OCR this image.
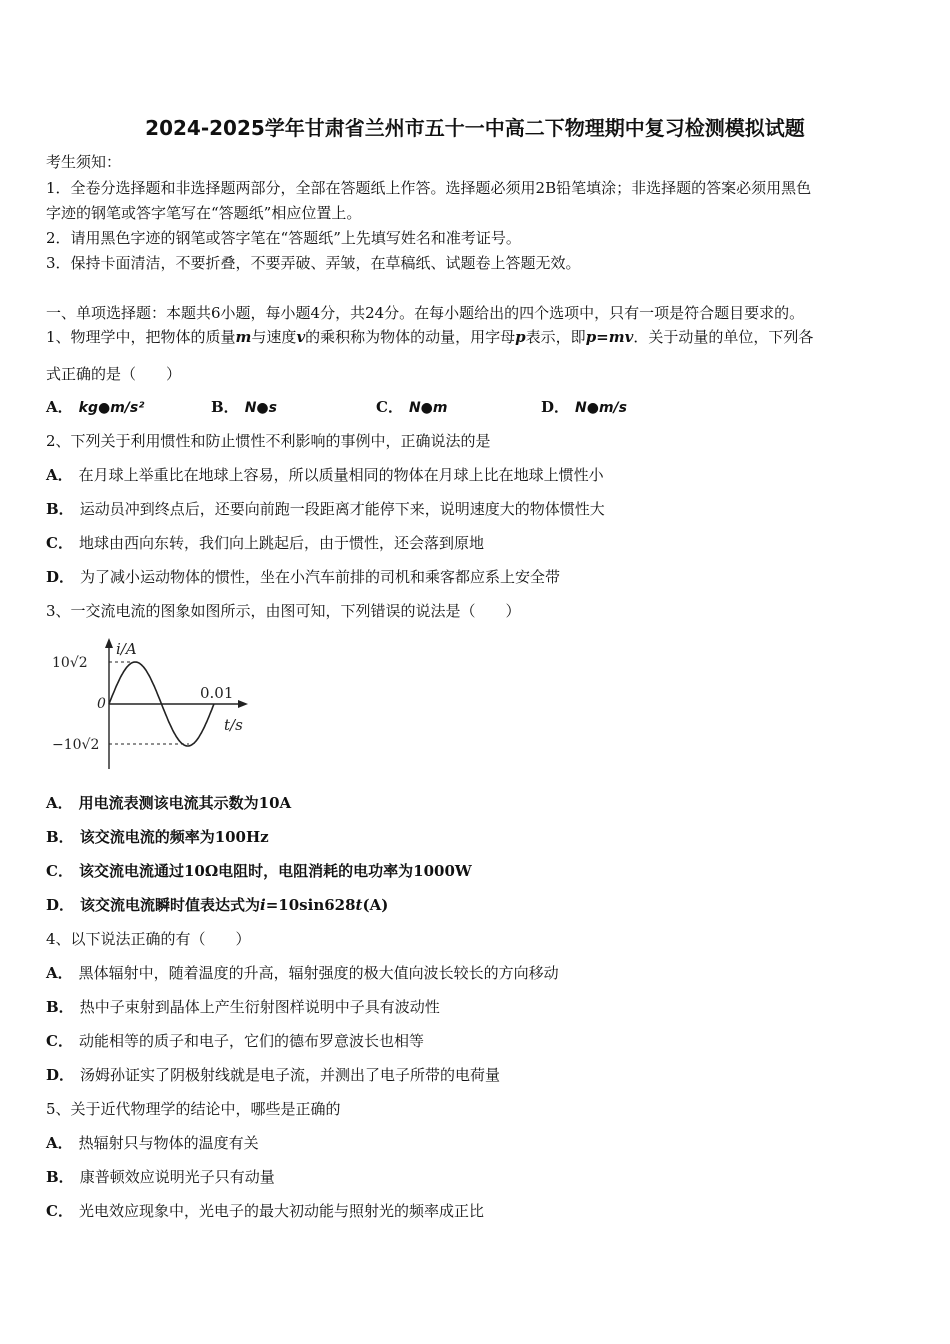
2024-2025学年甘肃省兰州市五十一中高二下物理期中复习检测模拟试题
考生须知：
1．全卷分选择题和非选择题两部分，全部在答题纸上作答。选择题必须用2B铅笔填涂；非选择题的答案必须用黑色
字迹的钢笔或答字笔写在“答题纸”相应位置上。
2．请用黑色字迹的钢笔或答字笔在“答题纸”上先填写姓名和准考证号。
3．保持卡面清洁，不要折叠，不要弄破、弄皱，在草稿纸、试题卷上答题无效。
一、单项选择题：本题共6小题，每小题4分，共24分。在每小题给出的四个选项中，只有一项是符合题目要求的。
1、物理学中，把物体的质量m与速度v的乘积称为物体的动量，用字母p表示，即p=mv．关于动量的单位，下列各
式正确的是（　　）
A． kg●m/s²	B． N●s	C． N●m	D． N●m/s
2、下列关于利用惯性和防止惯性不利影响的事例中，正确说法的是
A． 在月球上举重比在地球上容易，所以质量相同的物体在月球上比在地球上惯性小
B． 运动员冲到终点后，还要向前跑一段距离才能停下来，说明速度大的物体惯性大
C． 地球由西向东转，我们向上跳起后，由于惯性，还会落到原地
D． 为了减小运动物体的惯性，坐在小汽车前排的司机和乘客都应系上安全带
3、一交流电流的图象如图所示，由图可知，下列错误的说法是（　　）
i/A
t/s
0
10√2
−10√2
0.01
A． 用电流表测该电流其示数为10A
B． 该交流电流的频率为100Hz
C． 该交流电流通过10Ω电阻时，电阻消耗的电功率为1000W
D． 该交流电流瞬时值表达式为i=10sin628t(A)
4、以下说法正确的有（　　）
A． 黑体辐射中，随着温度的升高，辐射强度的极大值向波长较长的方向移动
B． 热中子束射到晶体上产生衍射图样说明中子具有波动性
C． 动能相等的质子和电子，它们的德布罗意波长也相等
D． 汤姆孙证实了阴极射线就是电子流，并测出了电子所带的电荷量
5、关于近代物理学的结论中，哪些是正确的
A． 热辐射只与物体的温度有关
B． 康普顿效应说明光子只有动量
C． 光电效应现象中，光电子的最大初动能与照射光的频率成正比
